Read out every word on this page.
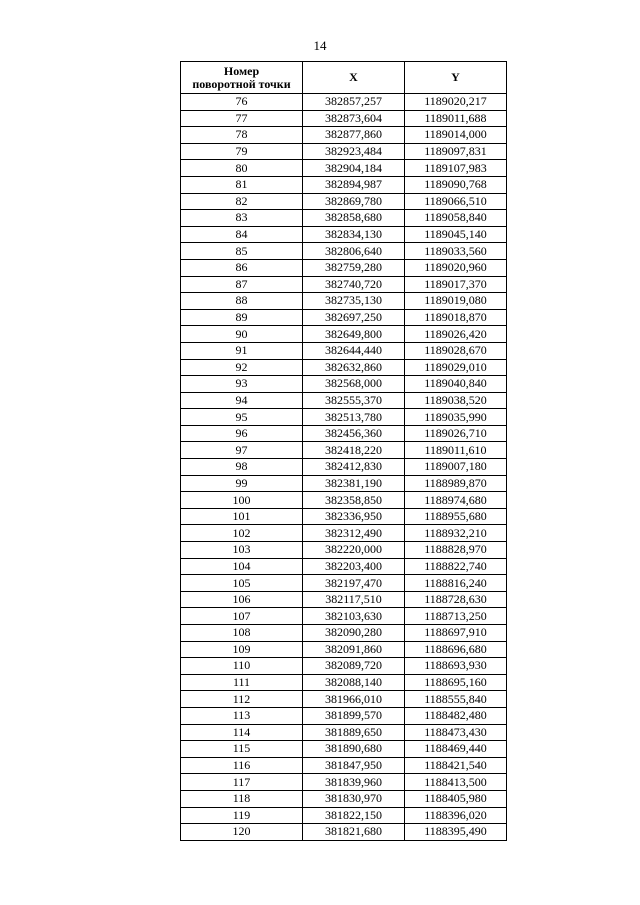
14
Номер
поворотной точки	X	Y
76	382857,257	1189020,217
77	382873,604	1189011,688
78	382877,860	1189014,000
79	382923,484	1189097,831
80	382904,184	1189107,983
81	382894,987	1189090,768
82	382869,780	1189066,510
83	382858,680	1189058,840
84	382834,130	1189045,140
85	382806,640	1189033,560
86	382759,280	1189020,960
87	382740,720	1189017,370
88	382735,130	1189019,080
89	382697,250	1189018,870
90	382649,800	1189026,420
91	382644,440	1189028,670
92	382632,860	1189029,010
93	382568,000	1189040,840
94	382555,370	1189038,520
95	382513,780	1189035,990
96	382456,360	1189026,710
97	382418,220	1189011,610
98	382412,830	1189007,180
99	382381,190	1188989,870
100	382358,850	1188974,680
101	382336,950	1188955,680
102	382312,490	1188932,210
103	382220,000	1188828,970
104	382203,400	1188822,740
105	382197,470	1188816,240
106	382117,510	1188728,630
107	382103,630	1188713,250
108	382090,280	1188697,910
109	382091,860	1188696,680
110	382089,720	1188693,930
111	382088,140	1188695,160
112	381966,010	1188555,840
113	381899,570	1188482,480
114	381889,650	1188473,430
115	381890,680	1188469,440
116	381847,950	1188421,540
117	381839,960	1188413,500
118	381830,970	1188405,980
119	381822,150	1188396,020
120	381821,680	1188395,490
